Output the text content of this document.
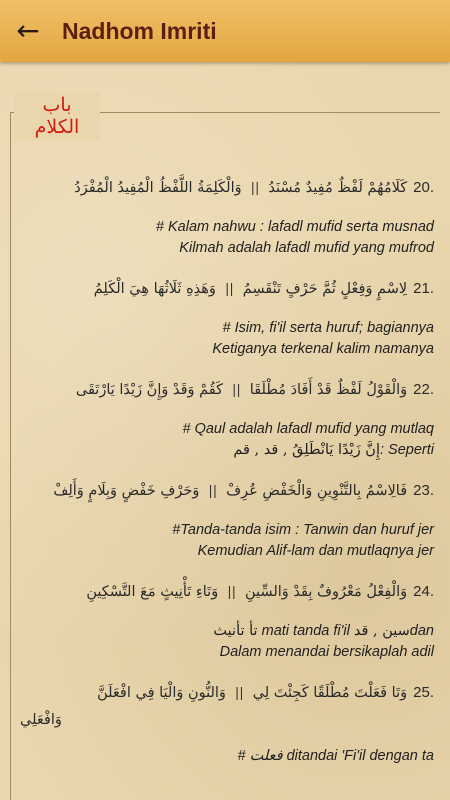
← Nadhom Imriti
باب
الكلام
وَالْكَلِمَةُ اللَّفْظُ الْمُفِيدُ الْمُفْرَدُ || كَلَامُهُمْ لَفْظٌ مُفِيدٌ مُسْنَدُ 20.
# Kalam nahwu : lafadl mufid serta musnad
Kilmah adalah lafadl mufid yang mufrod
وَهَذِهِ ثَلَاثُهَا هِيَ الْكَلِمُ || لِاسْمٍ وَفِعْلٍ ثُمَّ حَرْفٍ تَنْقَسِمُ 21.
# Isim, fi'il serta huruf; bagiannya
Ketiganya terkenal kalim namanya
كَقُمْ وَقَدْ وَإِنَّ زَيْدًا يَارْتَقَى || وَالْقَوْلُ لَفْظٌ قَدْ أَفَادَ مُطْلَقَا 22.
# Qaul adalah lafadl mufid yang mutlaq
إِنَّ زَيْدًا يَانْطَلِقُ , قد , قم: Seperti
وَحَرْفِ خَفْضٍ وَبِلَامٍ وَأَلِفْ || فَالِاسْمُ بِالتَّنْوِينِ وَالْخَفْضِ عُرِفْ 23.
#Tanda-tanda isim : Tanwin dan huruf jer
Kemudian Alif-lam dan mutlaqnya jer
وَتَاءِ تَأْنِيثٍ مَعَ التَّسْكِينِ || وَالْفِعْلُ مَعْرُوفٌ بِقَدْ وَالسِّينِ 24.
تأ تأنيث mati tanda fi'il سين , قدdan
Dalam menandai bersikaplah adil
وَالنُّونِ وَالْيَا فِي افْعَلَنَّ || وَتَا فَعَلْتَ مُطْلَقًا كَجِئْتَ لِي 25.
وَافْعَلِي
# فعلت ditandai 'Fi'il dengan ta
